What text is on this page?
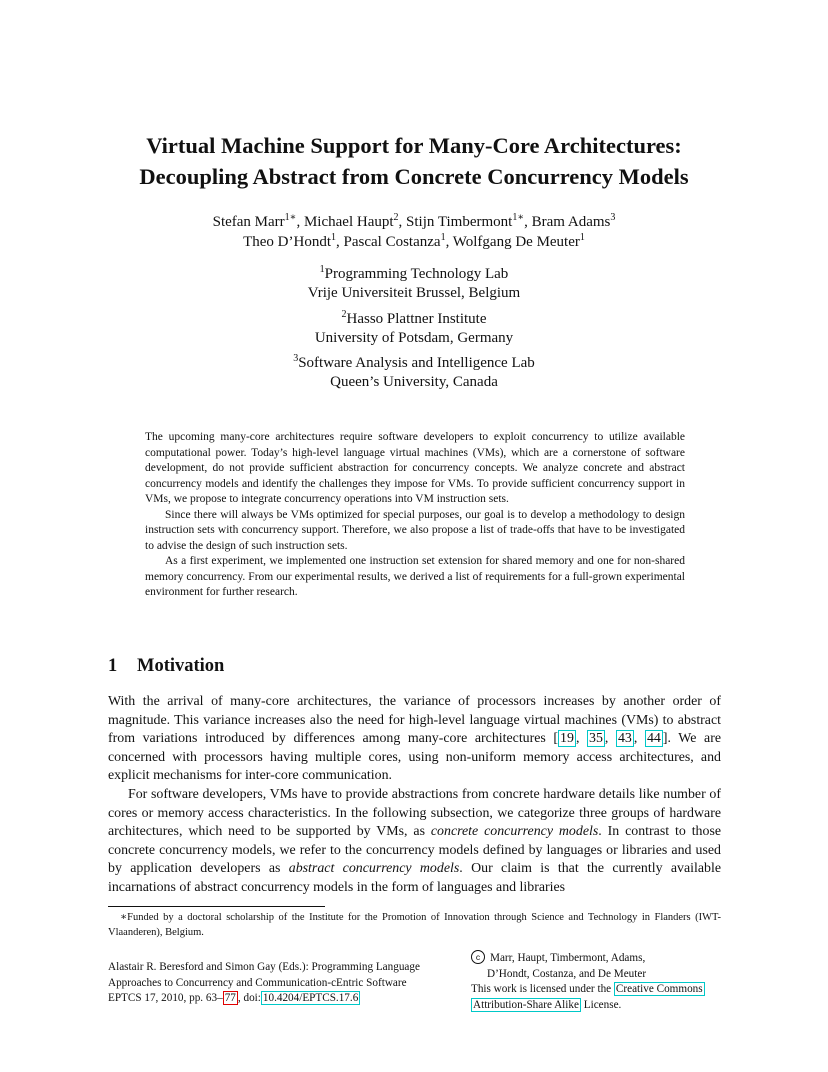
Virtual Machine Support for Many-Core Architectures:
Decoupling Abstract from Concrete Concurrency Models
Stefan Marr$^{1∗}$, Michael Haupt$^2$, Stijn Timbermont$^{1∗}$, Bram Adams$^3$
Theo D’Hondt$^1$, Pascal Costanza$^1$, Wolfgang De Meuter$^1$
$^1$Programming Technology Lab
Vrije Universiteit Brussel, Belgium
$^2$Hasso Plattner Institute
University of Potsdam, Germany
$^3$Software Analysis and Intelligence Lab
Queen’s University, Canada

The upcoming many-core architectures require software developers to exploit concurrency to utilize available computational power. Today’s high-level language virtual machines (VMs), which are a cornerstone of software development, do not provide sufficient abstraction for concurrency concepts. We analyze concrete and abstract concurrency models and identify the challenges they impose for VMs. To provide sufficient concurrency support in VMs, we propose to integrate concurrency operations into VM instruction sets.

Since there will always be VMs optimized for special purposes, our goal is to develop a methodology to design instruction sets with concurrency support. Therefore, we also propose a list of trade-offs that have to be investigated to advise the design of such instruction sets.

As a first experiment, we implemented one instruction set extension for shared memory and one for non-shared memory concurrency. From our experimental results, we derived a list of requirements for a full-grown experimental environment for further research.

1 Motivation

With the arrival of many-core architectures, the variance of processors increases by another order of magnitude. This variance increases also the need for high-level language virtual machines (VMs) to abstract from variations introduced by differences among many-core architectures [ 19 , 35 , 43 , 44 ]. We are concerned with processors having multiple cores, using non-uniform memory access architectures, and explicit mechanisms for inter-core communication.

For software developers, VMs have to provide abstractions from concrete hardware details like number of cores or memory access characteristics. In the following subsection, we categorize three groups of hardware architectures, which need to be supported by VMs, as concrete concurrency models. In contrast to those concrete concurrency models, we refer to the concurrency models defined by languages or libraries and used by application developers as abstract concurrency models. Our claim is that the currently available incarnations of abstract concurrency models in the form of languages and libraries

∗Funded by a doctoral scholarship of the Institute for the Promotion of Innovation through Science and Technology in Flanders (IWT-Vlaanderen), Belgium.

Alastair R. Beresford and Simon Gay (Eds.): Programming Language
Approaches to Concurrency and Communication-cEntric Software
EPTCS 17, 2010, pp. 63– 77 , doi: 10.4204/EPTCS.17.6
c Marr, Haupt, Timbermont, Adams,
D’Hondt, Costanza, and De Meuter
This work is licensed under the Creative Commons
Attribution-Share Alike License.
